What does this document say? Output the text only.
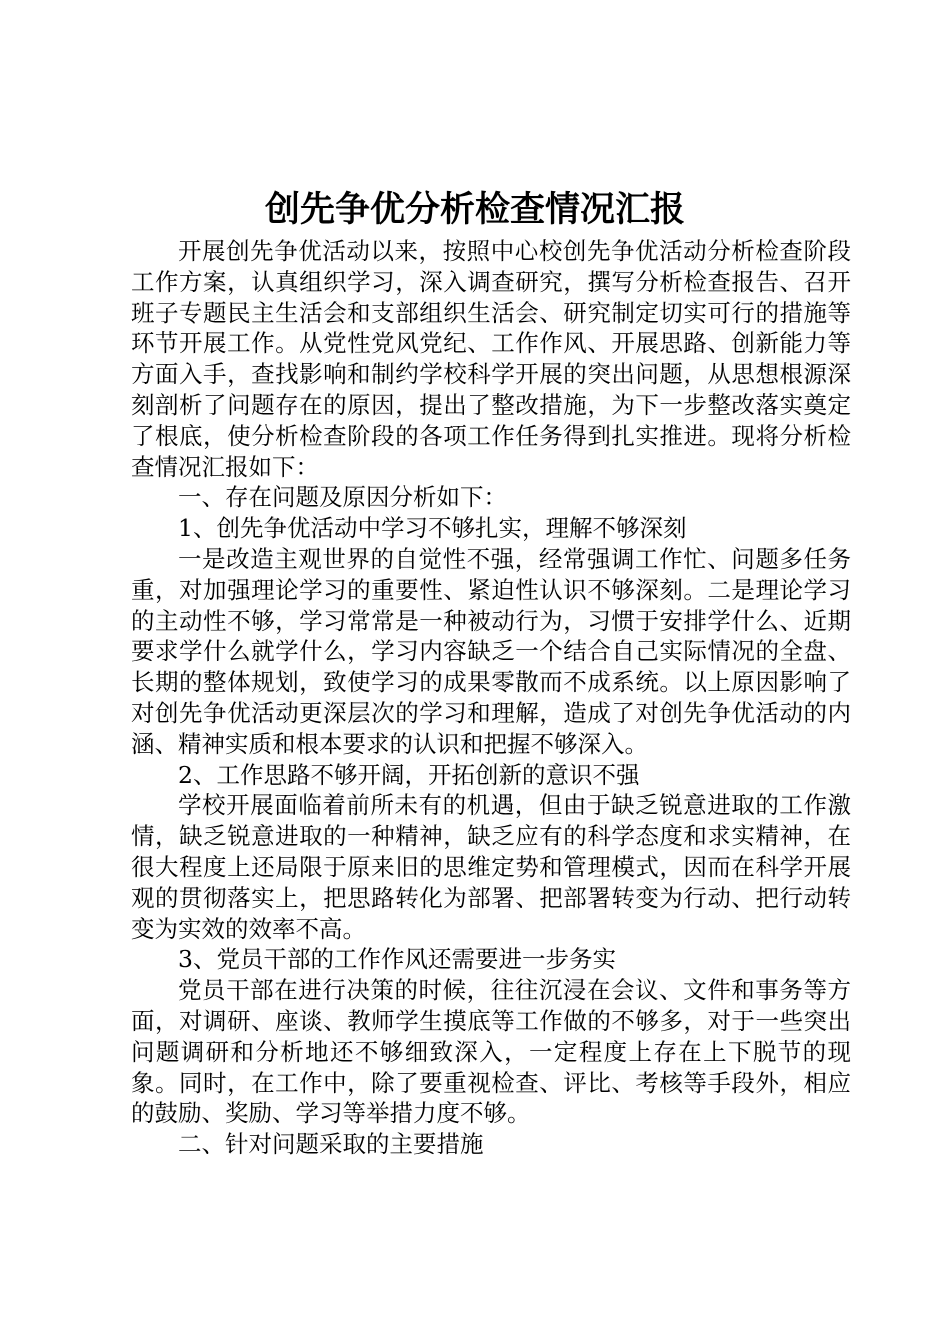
创先争优分析检查情况汇报

开展创先争优活动以来，按照中心校创先争优活动分析检查阶段工作方案，认真组织学习，深入调查研究，撰写分析检查报告、召开班子专题民主生活会和支部组织生活会、研究制定切实可行的措施等环节开展工作。从党性党风党纪、工作作风、开展思路、创新能力等方面入手，查找影响和制约学校科学开展的突出问题，从思想根源深刻剖析了问题存在的原因，提出了整改措施，为下一步整改落实奠定了根底，使分析检查阶段的各项工作任务得到扎实推进。现将分析检查情况汇报如下：

一、存在问题及原因分析如下：

1、创先争优活动中学习不够扎实，理解不够深刻

一是改造主观世界的自觉性不强，经常强调工作忙、问题多任务重，对加强理论学习的重要性、紧迫性认识不够深刻。二是理论学习的主动性不够，学习常常是一种被动行为，习惯于安排学什么、近期要求学什么就学什么，学习内容缺乏一个结合自己实际情况的全盘、长期的整体规划，致使学习的成果零散而不成系统。以上原因影响了对创先争优活动更深层次的学习和理解，造成了对创先争优活动的内涵、精神实质和根本要求的认识和把握不够深入。

2、工作思路不够开阔，开拓创新的意识不强

学校开展面临着前所未有的机遇，但由于缺乏锐意进取的工作激情，缺乏锐意进取的一种精神，缺乏应有的科学态度和求实精神，在很大程度上还局限于原来旧的思维定势和管理模式，因而在科学开展观的贯彻落实上，把思路转化为部署、把部署转变为行动、把行动转变为实效的效率不高。

3、党员干部的工作作风还需要进一步务实

党员干部在进行决策的时候，往往沉浸在会议、文件和事务等方面，对调研、座谈、教师学生摸底等工作做的不够多，对于一些突出问题调研和分析地还不够细致深入，一定程度上存在上下脱节的现象。同时，在工作中，除了要重视检查、评比、考核等手段外，相应的鼓励、奖励、学习等举措力度不够。

二、针对问题采取的主要措施
